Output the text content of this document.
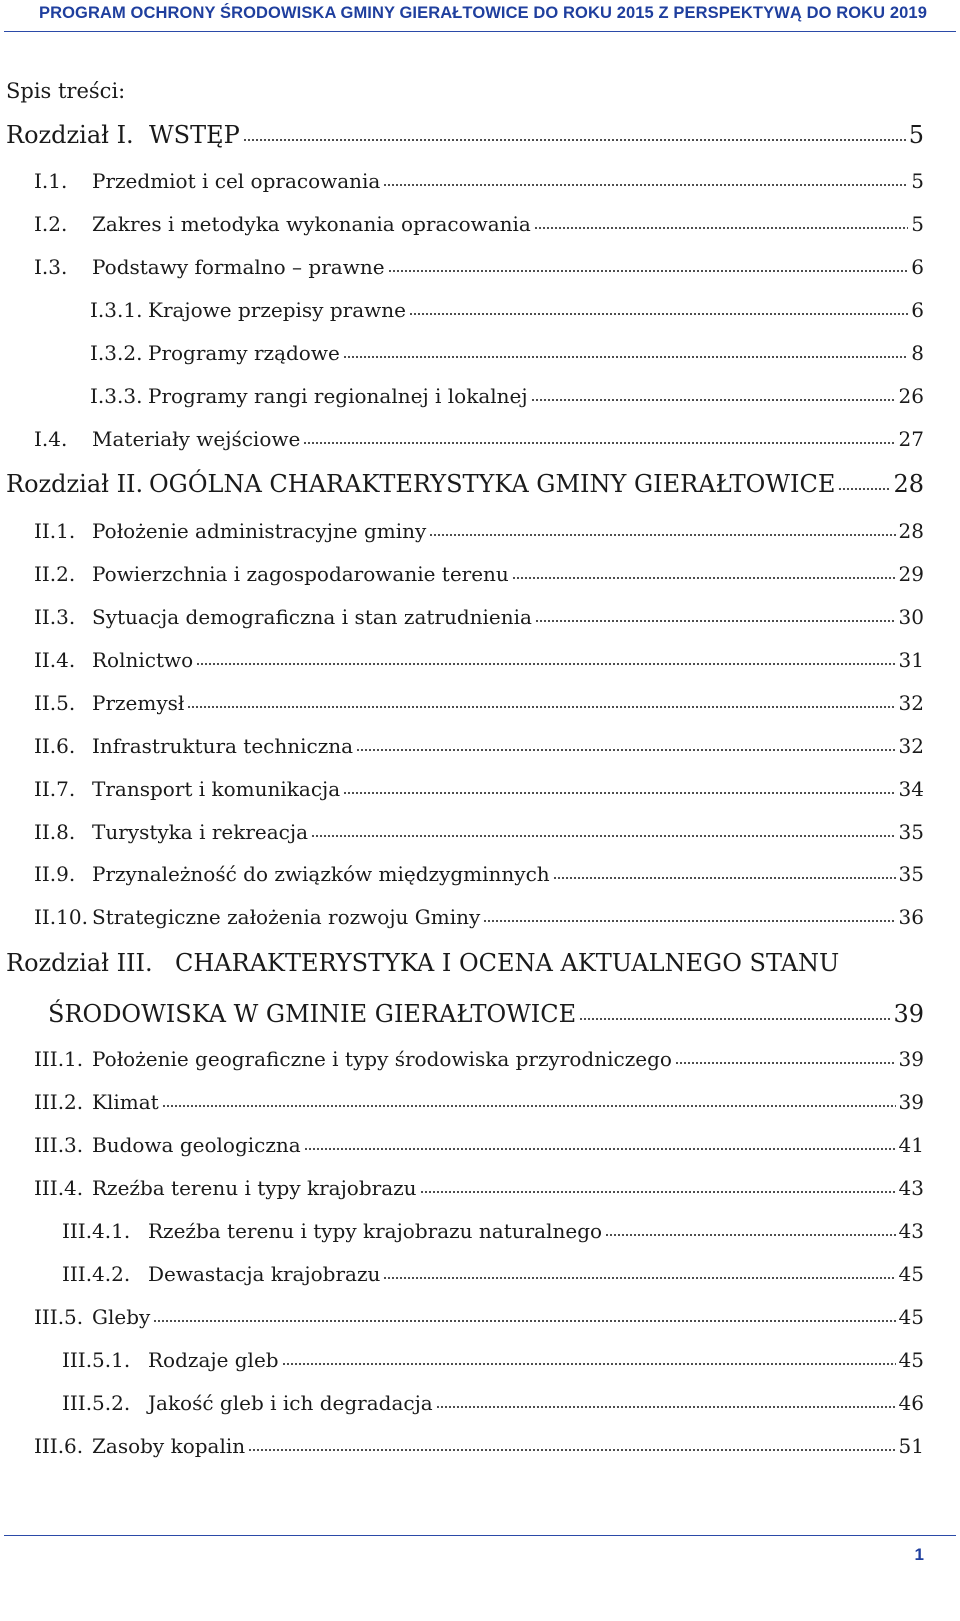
PROGRAM OCHRONY ŚRODOWISKA GMINY GIERAŁTOWICE DO ROKU 2015 Z PERSPEKTYWĄ DO ROKU 2019
Spis treści:
Rozdział I. WSTĘP	5
I.1.	Przedmiot i cel opracowania	5
I.2.	Zakres i metodyka wykonania opracowania	5
I.3.	Podstawy formalno – prawne	6
I.3.1. Krajowe przepisy prawne	6
I.3.2. Programy rządowe	8
I.3.3. Programy rangi regionalnej i lokalnej	26
I.4.	Materiały wejściowe	27
Rozdział II. OGÓLNA CHARAKTERYSTYKA GMINY GIERAŁTOWICE 28
II.1. Położenie administracyjne gminy	28
II.2. Powierzchnia i zagospodarowanie terenu	29
II.3. Sytuacja demograficzna i stan zatrudnienia	30
II.4. Rolnictwo	31
II.5. Przemysł	32
II.6. Infrastruktura techniczna	32
II.7. Transport i komunikacja	34
II.8. Turystyka i rekreacja	35
II.9. Przynależność do związków międzygminnych	35
II.10. Strategiczne założenia rozwoju Gminy	36
Rozdział III. CHARAKTERYSTYKA I OCENA AKTUALNEGO STANU
ŚRODOWISKA W GMINIE GIERAŁTOWICE	39
III.1. Położenie geograficzne i typy środowiska przyrodniczego	39
III.2. Klimat	39
III.3. Budowa geologiczna	41
III.4. Rzeźba terenu i typy krajobrazu	43
III.4.1. Rzeźba terenu i typy krajobrazu naturalnego	43
III.4.2. Dewastacja krajobrazu	45
III.5. Gleby	45
III.5.1. Rodzaje gleb	45
III.5.2. Jakość gleb i ich degradacja	46
III.6. Zasoby kopalin	51
1
